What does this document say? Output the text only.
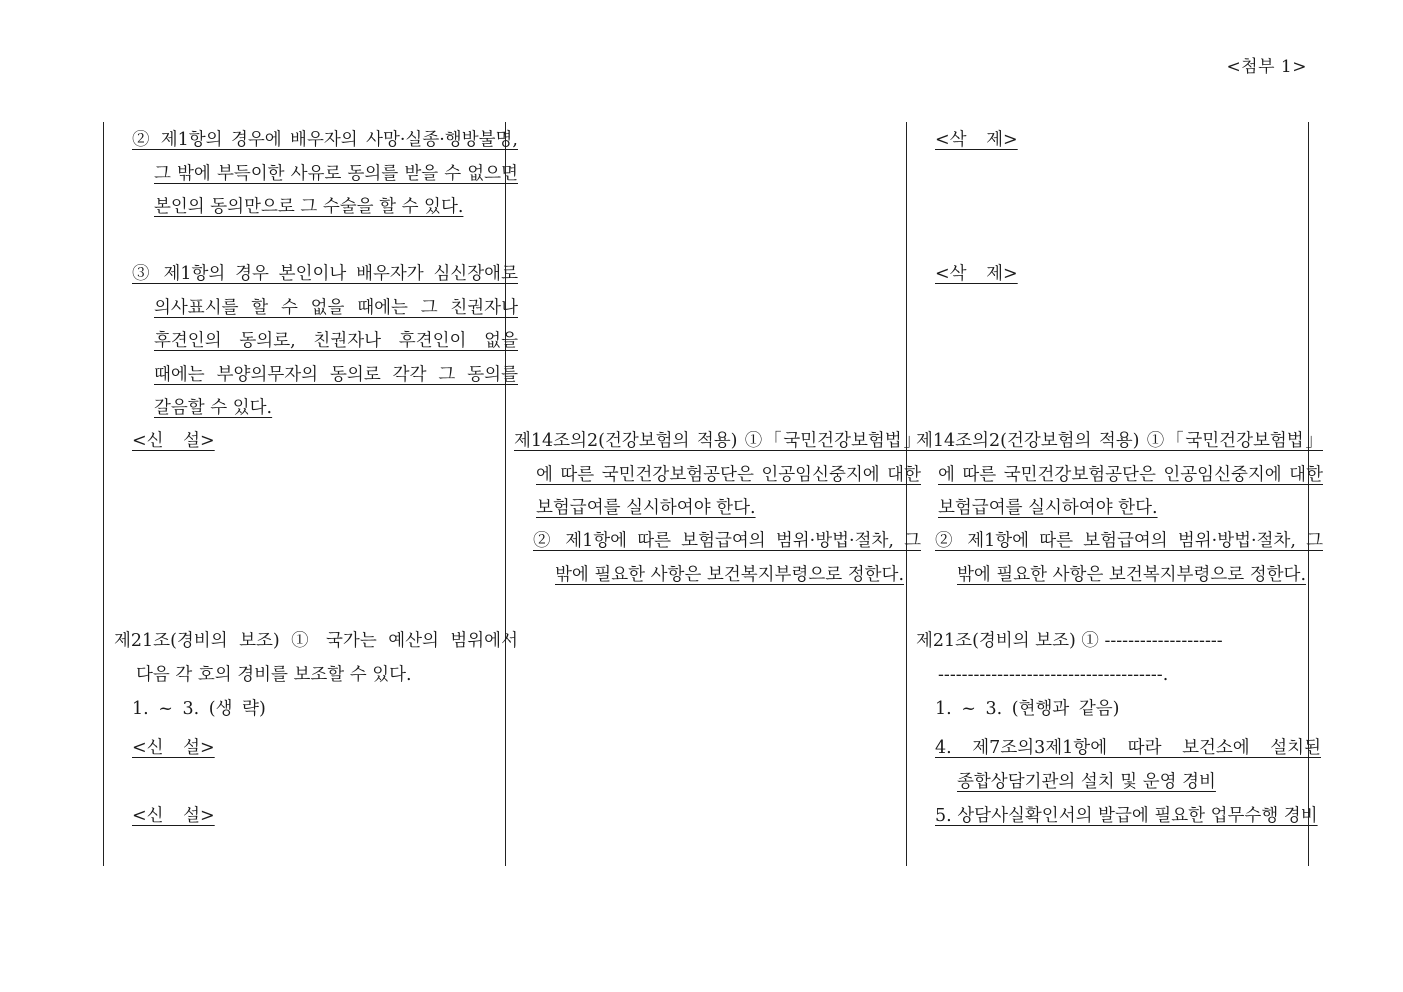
<첨부 1>
② 제1항의 경우에 배우자의 사망·실종·행방불명, 그 밖에 부득이한 사유로 동의를 받을 수 없으면 본인의 동의만으로 그 수술을 할 수 있다.
③ 제1항의 경우 본인이나 배우자가 심신장애로 의사표시를 할 수 없을 때에는 그 친권자나 후견인의 동의로, 친권자나 후견인이 없을 때에는 부양의무자의 동의로 각각 그 동의를 갈음할 수 있다.
<신 설>
제21조(경비의 보조) ① 국가는 예산의 범위에서 다음 각 호의 경비를 보조할 수 있다.
1. ~ 3. (생 략)
<신 설>
<신 설>
제14조의2(건강보험의 적용) ①「국민건강보험법」에 따른 국민건강보험공단은 인공임신중지에 대한 보험급여를 실시하여야 한다.
② 제1항에 따른 보험급여의 범위·방법·절차, 그 밖에 필요한 사항은 보건복지부령으로 정한다.
<삭 제>
<삭 제>
제14조의2(건강보험의 적용) ①「국민건강보험법」에 따른 국민건강보험공단은 인공임신중지에 대한 보험급여를 실시하여야 한다.
② 제1항에 따른 보험급여의 범위·방법·절차, 그 밖에 필요한 사항은 보건복지부령으로 정한다.
제21조(경비의 보조) ① --------------------
--------------------------------------.
1. ~ 3. (현행과 같음)
4. 제7조의3제1항에 따라 보건소에 설치된 종합상담기관의 설치 및 운영 경비
5. 상담사실확인서의 발급에 필요한 업무수행 경비
